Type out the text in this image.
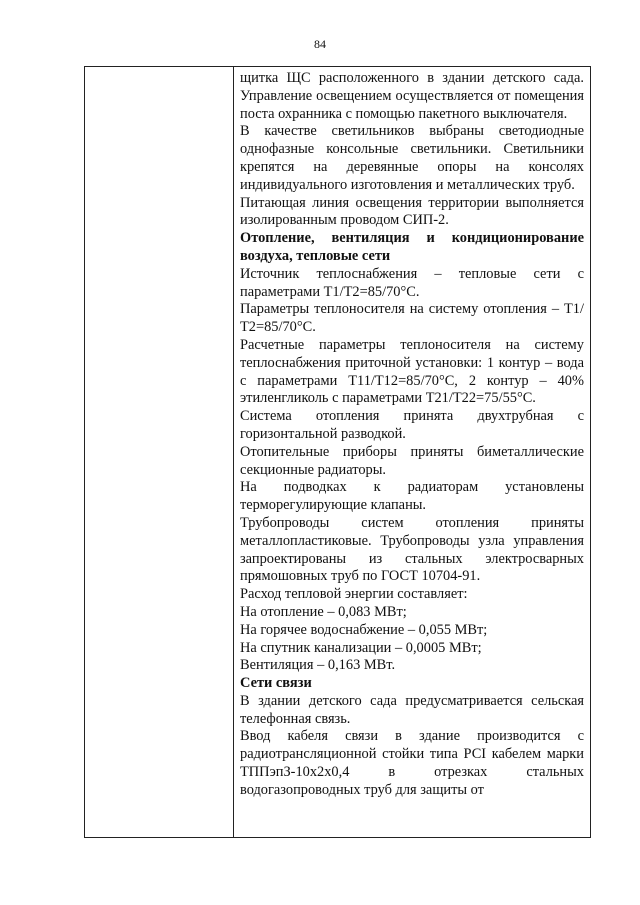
84

щитка ЩС расположенного в здании детского сада. Управление освещением осуществляется от помещения поста охранника с помощью пакетного выключателя.

В качестве светильников выбраны светодиодные однофазные консольные светильники. Светильники крепятся на деревянные опоры на консолях индивидуального изготовления и металлических труб.

Питающая линия освещения территории выполняется изолированным проводом СИП-2.

Отопление, вентиляция и кондиционирование воздуха, тепловые сети

Источник теплоснабжения – тепловые сети с параметрами Т1/Т2=85/70°С.

Параметры теплоносителя на систему отопления – Т1/Т2=85/70°С.

Расчетные параметры теплоносителя на систему теплоснабжения приточной установки: 1 контур – вода с параметрами Т11/Т12=85/70°С, 2 контур – 40% этиленгликоль с параметрами Т21/Т22=75/55°С.

Система отопления принята двухтрубная с горизонтальной разводкой.

Отопительные приборы приняты биметаллические секционные радиаторы.

На подводках к радиаторам установлены терморегулирующие клапаны.

Трубопроводы систем отопления приняты металлопластиковые. Трубопроводы узла управления запроектированы из стальных электросварных прямошовных труб по ГОСТ 10704-91.

Расход тепловой энергии составляет:

На отопление – 0,083 МВт;

На горячее водоснабжение – 0,055 МВт;

На спутник канализации – 0,0005 МВт;

Вентиляция – 0,163 МВт.

Сети связи

В здании детского сада предусматривается сельская телефонная связь.

Ввод кабеля связи в здание производится с радиотрансляционной стойки типа РСІ кабелем марки ТППэпЗ-10х2х0,4 в отрезках стальных водогазопроводных труб для защиты от
